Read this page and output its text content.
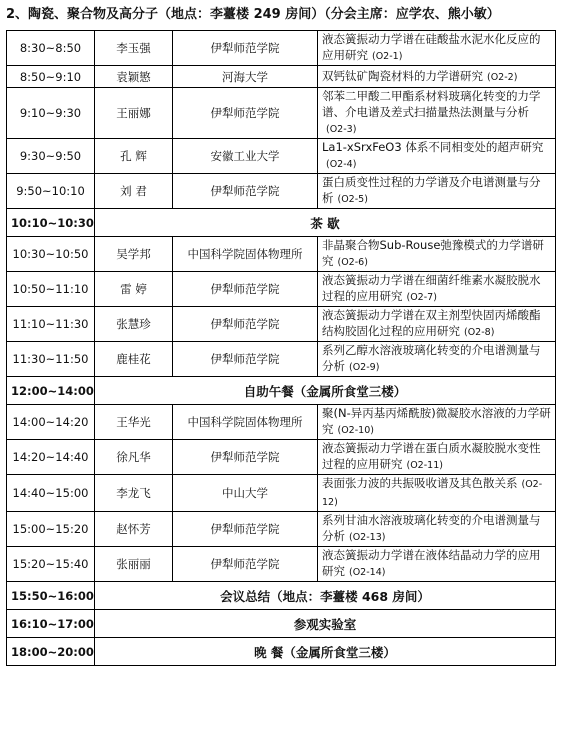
2、陶瓷、聚合物及高分子（地点：李薹楼 249 房间）（分会主席：应学农、熊小敏）
8:30~8:50	李玉强	伊犁师范学院	液态簧振动力学谱在硅酸盐水泥水化反应的应用研究 (O2-1)
8:50~9:10	袁颖慜	河海大学	双钙钛矿陶瓷材料的力学谱研究 (O2-2)
9:10~9:30	王丽娜	伊犁师范学院	邻苯二甲酸二甲酯系材料玻璃化转变的力学谱、介电谱及差式扫描量热法测量与分析(O2-3)
9:30~9:50	孔 辉	安徽工业大学	La1-xSrxFeO3 体系不同相变处的超声研究(O2-4)
9:50~10:10	刘 君	伊犁师范学院	蛋白质变性过程的力学谱及介电谱测量与分析 (O2-5)
10:10~10:30	茶 歇		
10:30~10:50	吴学邦	中国科学院固体物理所	非晶聚合物Sub-Rouse弛豫模式的力学谱研究 (O2-6)
10:50~11:10	雷 婷	伊犁师范学院	液态簧振动力学谱在细菌纤维素水凝胶脱水过程的应用研究 (O2-7)
11:10~11:30	张慧珍	伊犁师范学院	液态簧振动力学谱在双主剂型快固丙烯酸酯结构胶固化过程的应用研究 (O2-8)
11:30~11:50	鹿桂花	伊犁师范学院	系列乙醇水溶液玻璃化转变的介电谱测量与分析 (O2-9)
12:00~14:00	自助午餐（金属所食堂三楼）		
14:00~14:20	王华光	中国科学院固体物理所	聚(N-异丙基丙烯酰胺)微凝胶水溶液的力学研究 (O2-10)
14:20~14:40	徐凡华	伊犁师范学院	液态簧振动力学谱在蛋白质水凝胶脱水变性过程的应用研究 (O2-11)
14:40~15:00	李龙飞	中山大学	表面张力波的共振吸收谱及其色散关系 (O2-12)
15:00~15:20	赵怀芳	伊犁师范学院	系列甘油水溶液玻璃化转变的介电谱测量与分析 (O2-13)
15:20~15:40	张丽丽	伊犁师范学院	液态簧振动力学谱在液体结晶动力学的应用研究 (O2-14)
15:50~16:00	会议总结（地点：李薹楼 468 房间）		
16:10~17:00	参观实验室		
18:00~20:00	晚 餐（金属所食堂三楼）		
